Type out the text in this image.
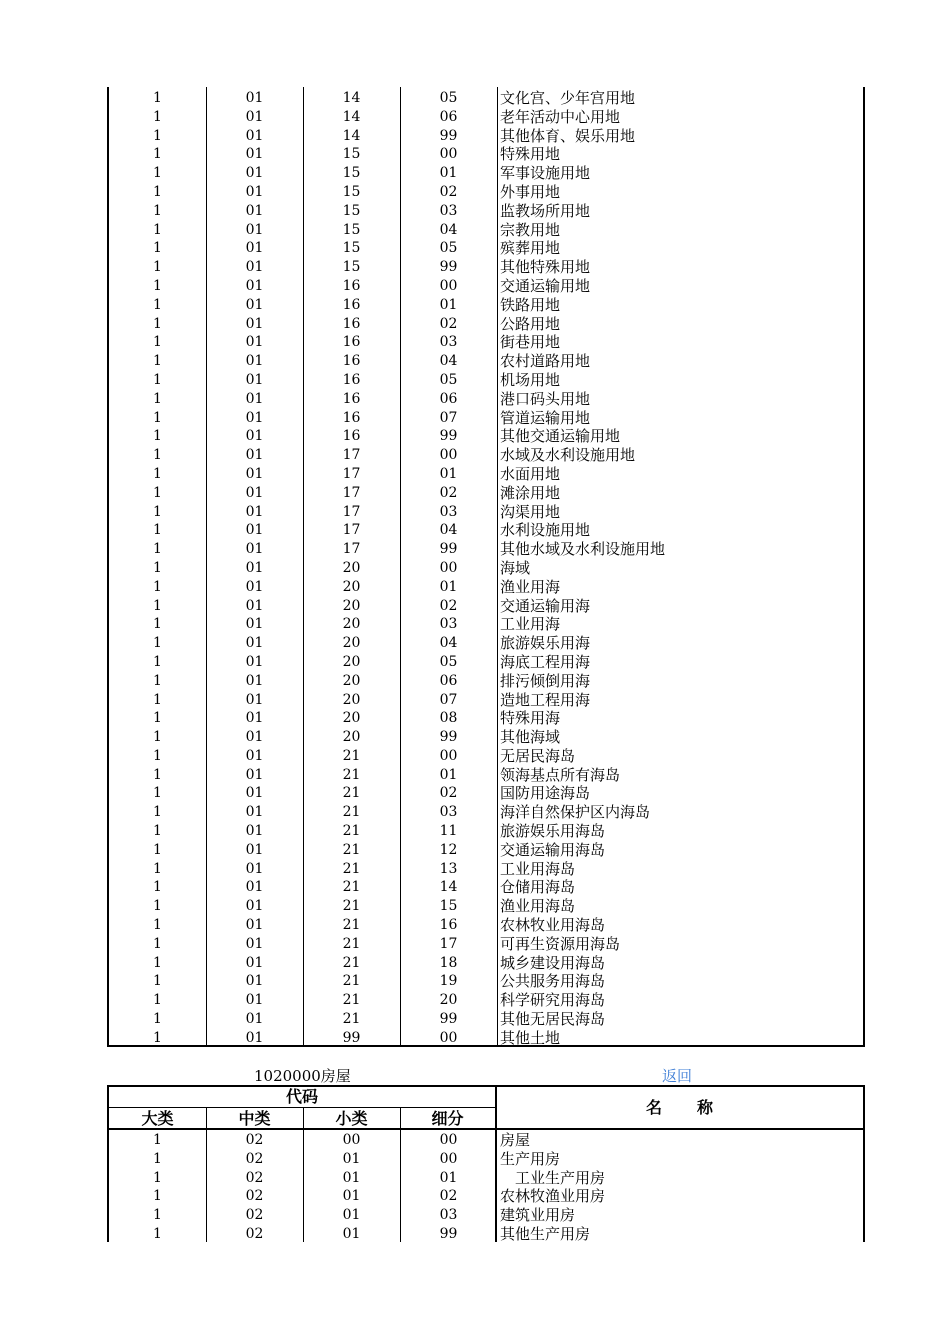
1	01	14	05	文化宫、少年宫用地
1	01	14	06	老年活动中心用地
1	01	14	99	其他体育、娱乐用地
1	01	15	00	特殊用地
1	01	15	01	军事设施用地
1	01	15	02	外事用地
1	01	15	03	监教场所用地
1	01	15	04	宗教用地
1	01	15	05	殡葬用地
1	01	15	99	其他特殊用地
1	01	16	00	交通运输用地
1	01	16	01	铁路用地
1	01	16	02	公路用地
1	01	16	03	街巷用地
1	01	16	04	农村道路用地
1	01	16	05	机场用地
1	01	16	06	港口码头用地
1	01	16	07	管道运输用地
1	01	16	99	其他交通运输用地
1	01	17	00	水域及水利设施用地
1	01	17	01	水面用地
1	01	17	02	滩涂用地
1	01	17	03	沟渠用地
1	01	17	04	水利设施用地
1	01	17	99	其他水域及水利设施用地
1	01	20	00	海域
1	01	20	01	渔业用海
1	01	20	02	交通运输用海
1	01	20	03	工业用海
1	01	20	04	旅游娱乐用海
1	01	20	05	海底工程用海
1	01	20	06	排污倾倒用海
1	01	20	07	造地工程用海
1	01	20	08	特殊用海
1	01	20	99	其他海域
1	01	21	00	无居民海岛
1	01	21	01	领海基点所有海岛
1	01	21	02	国防用途海岛
1	01	21	03	海洋自然保护区内海岛
1	01	21	11	旅游娱乐用海岛
1	01	21	12	交通运输用海岛
1	01	21	13	工业用海岛
1	01	21	14	仓储用海岛
1	01	21	15	渔业用海岛
1	01	21	16	农林牧业用海岛
1	01	21	17	可再生资源用海岛
1	01	21	18	城乡建设用海岛
1	01	21	19	公共服务用海岛
1	01	21	20	科学研究用海岛
1	01	21	99	其他无居民海岛
1	01	99	00	其他土地
1020000房屋	返回
代码
大类	中类	小类	细分
名　　称
1	02	00	00	房屋
1	02	01	00	生产用房
1	02	01	01	　工业生产用房
1	02	01	02	农林牧渔业用房
1	02	01	03	建筑业用房
1	02	01	99	其他生产用房
